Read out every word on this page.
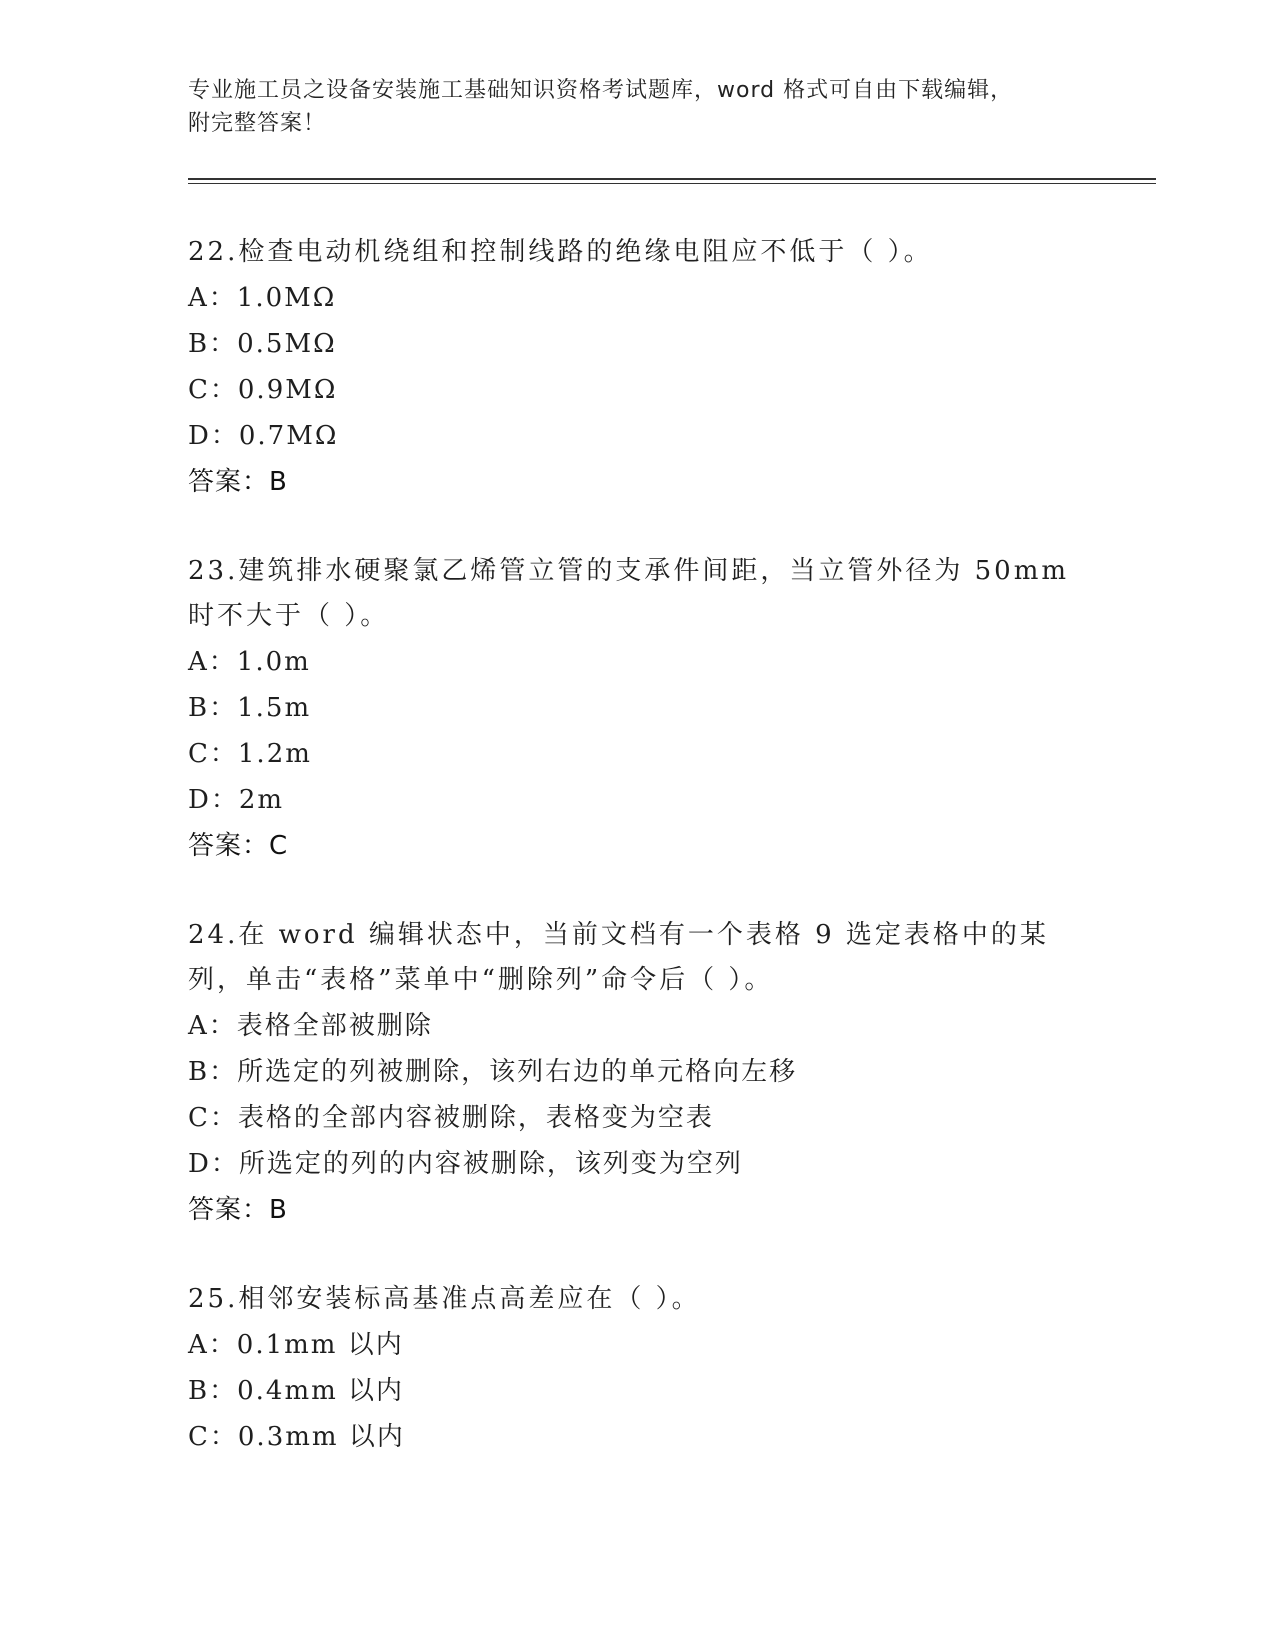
专业施工员之设备安装施工基础知识资格考试题库，word 格式可自由下载编辑，
附完整答案！

22.检查电动机绕组和控制线路的绝缘电阻应不低于（ ）。

A：1.0MΩ

B：0.5MΩ

C：0.9MΩ

D：0.7MΩ

答案：B

23.建筑排水硬聚氯乙烯管立管的支承件间距，当立管外径为 50mm 时不大于（ ）。

A：1.0m

B：1.5m

C：1.2m

D：2m

答案：C

24.在 word 编辑状态中，当前文档有一个表格 9 选定表格中的某列，单击“表格”菜单中“删除列”命令后（ ）。

A：表格全部被删除

B：所选定的列被删除，该列右边的单元格向左移

C：表格的全部内容被删除，表格变为空表

D：所选定的列的内容被删除，该列变为空列

答案：B

25.相邻安装标高基准点高差应在（ ）。

A：0.1mm 以内

B：0.4mm 以内

C：0.3mm 以内
